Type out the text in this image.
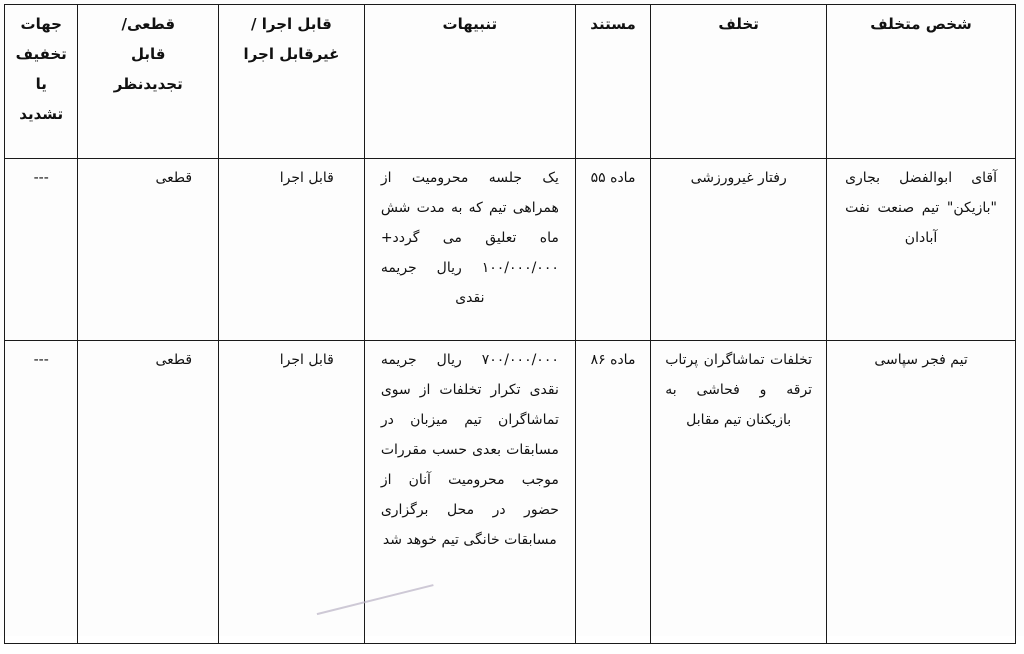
شخص متخلف	تخلف	مستند	تنبیهات	قابل اجرا /غیرقابل اجرا	قطعی/قابل تجدیدنظر	جهات تخفیف یا تشدید

آقای ابوالفضل بجاری "بازیکن" تیم صنعت نفت آبادان	رفتار غیرورزشی	ماده ۵۵	یک جلسه محرومیت از همراهی تیم که به مدت شش ماه تعلیق می گردد+ ۱۰۰/۰۰۰/۰۰۰ ریال جریمه نقدی	قابل اجرا	قطعی	---

تیم فجر سپاسی	تخلفات تماشاگران پرتاب ترقه و فحاشی به بازیکنان تیم مقابل	ماده ۸۶	۷۰۰/۰۰۰/۰۰۰ ریال جریمه نقدی تکرار تخلفات از سوی تماشاگران تیم میزبان در مسابقات بعدی حسب مقررات موجب محرومیت آنان از حضور در محل برگزاری مسابقات خانگی تیم خوهد شد	قابل اجرا	قطعی	---
